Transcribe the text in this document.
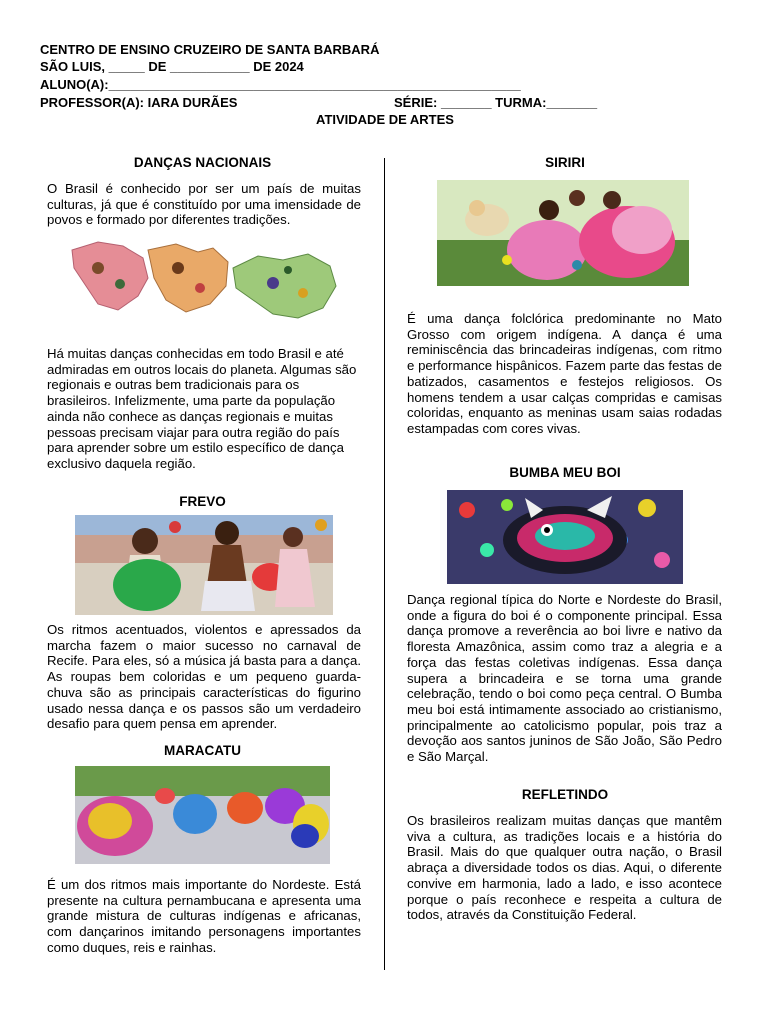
CENTRO DE ENSINO CRUZEIRO DE SANTA BARBARÁ
SÃO LUIS, _____ DE ___________ DE 2024
ALUNO(A):_________________________________________________________
PROFESSOR(A): IARA DURÃES	SÉRIE: _______ TURMA:_______
ATIVIDADE DE ARTES
DANÇAS NACIONAIS

O Brasil é conhecido por ser um país de muitas culturas, já que é constituído por uma imensidade de povos e formado por diferentes tradições.

Há muitas danças conhecidas em todo Brasil e até admiradas em outros locais do planeta. Algumas são regionais e outras bem tradicionais para os brasileiros. Infelizmente, uma parte da população ainda não conhece as danças regionais e muitas pessoas precisam viajar para outra região do país para aprender sobre um estilo específico de dança exclusivo daquela região.

FREVO

Os ritmos acentuados, violentos e apressados da marcha fazem o maior sucesso no carnaval de Recife. Para eles, só a música já basta para a dança. As roupas bem coloridas e um pequeno guarda-chuva são as principais características do figurino usado nessa dança e os passos são um verdadeiro desafio para quem pensa em aprender.

MARACATU

É um dos ritmos mais importante do Nordeste. Está presente na cultura pernambucana e apresenta uma grande mistura de culturas indígenas e africanas, com dançarinos imitando personagens importantes como duques, reis e rainhas.

SIRIRI

É uma dança folclórica predominante no Mato Grosso com origem indígena. A dança é uma reminiscência das brincadeiras indígenas, com ritmo e performance hispânicos. Fazem parte das festas de batizados, casamentos e festejos religiosos. Os homens tendem a usar calças compridas e camisas coloridas, enquanto as meninas usam saias rodadas estampadas com cores vivas.

BUMBA MEU BOI

Dança regional típica do Norte e Nordeste do Brasil, onde a figura do boi é o componente principal. Essa dança promove a reverência ao boi livre e nativo da floresta Amazônica, assim como traz a alegria e a força das festas coletivas indígenas. Essa dança supera a brincadeira e se torna uma grande celebração, tendo o boi como peça central. O Bumba meu boi está intimamente associado ao cristianismo, principalmente ao catolicismo popular, pois traz a devoção aos santos juninos de São João, São Pedro e São Marçal.

REFLETINDO

Os brasileiros realizam muitas danças que mantêm viva a cultura, as tradições locais e a história do Brasil. Mais do que qualquer outra nação, o Brasil abraça a diversidade todos os dias. Aqui, o diferente convive em harmonia, lado a lado, e isso acontece porque o país reconhece e respeita a cultura de todos, através da Constituição Federal.
